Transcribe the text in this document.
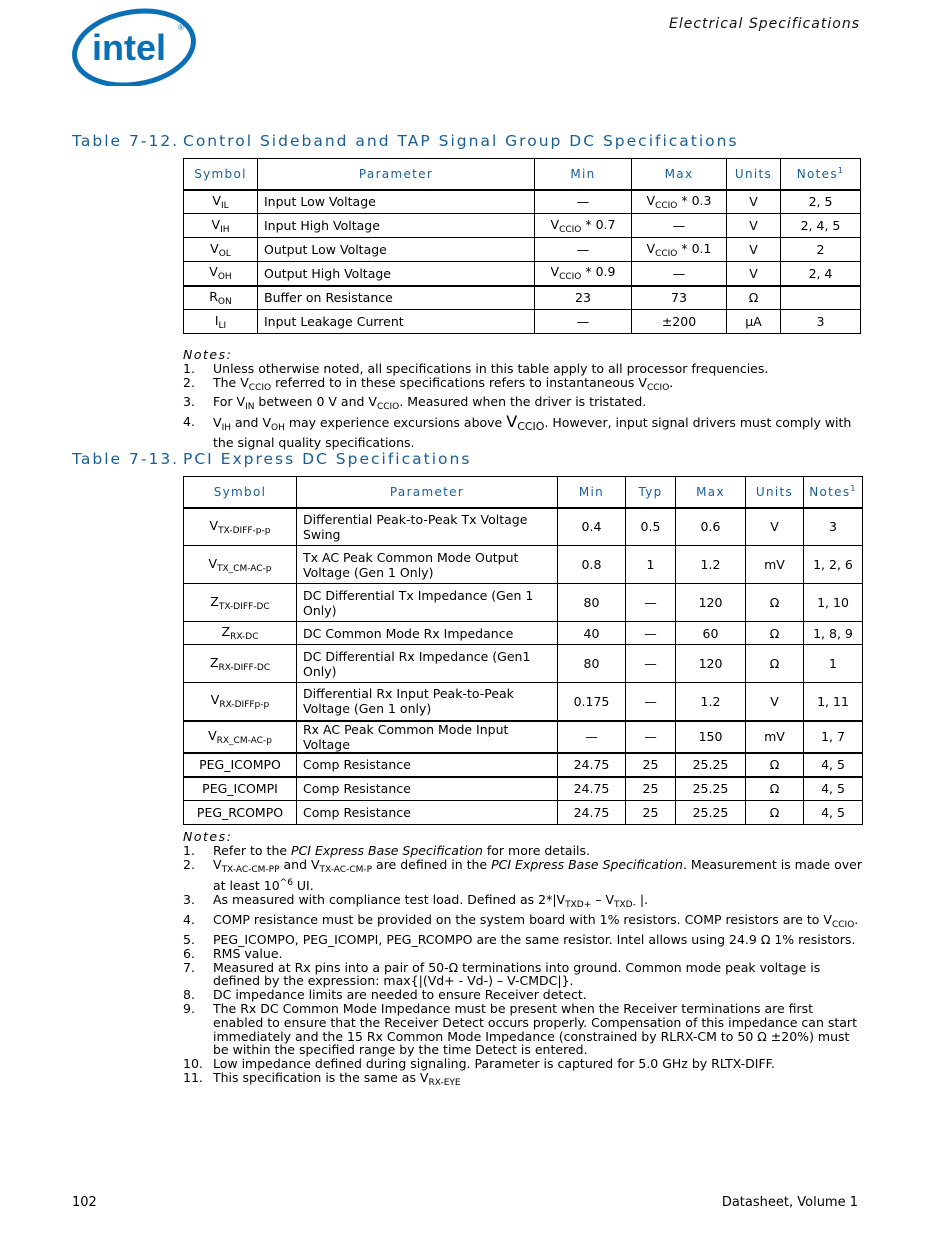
intel ®	Electrical Specifications
Table 7-12. Control Sideband and TAP Signal Group DC Specifications
Symbol	Parameter	Min	Max	Units	Notes$^1$
$V_{IL}$	Input Low Voltage	—	$V_{CCIO} * 0.3$	V	2, 5
$V_{IH}$	Input High Voltage	$V_{CCIO} * 0.7$	—	V	2, 4, 5
$V_{OL}$	Output Low Voltage	—	$V_{CCIO} * 0.1$	V	2
$V_{OH}$	Output High Voltage	$V_{CCIO} * 0.9$	—	V	2, 4
$R_{ON}$	Buffer on Resistance	23	73	Ω	
$I_{LI}$	Input Leakage Current	—	±200	µA	3
Notes:
1. Unless otherwise noted, all specifications in this table apply to all processor frequencies.
2. The $V_{CCIO}$ referred to in these specifications refers to instantaneous $V_{CCIO}$.
3. For $V_{IN}$ between 0 V and $V_{CCIO}$. Measured when the driver is tristated.
4. $V_{IH}$ and $V_{OH}$ may experience excursions above $V_{CCIO}$. However, input signal drivers must comply with the signal quality specifications.
Table 7-13. PCI Express DC Specifications
Symbol	Parameter	Min	Typ	Max	Units	Notes$^1$
$V_{TX-DIFF-p-p}$	Differential Peak-to-Peak Tx Voltage Swing	0.4	0.5	0.6	V	3
$V_{TX\_CM-AC-p}$	Tx AC Peak Common Mode Output Voltage (Gen 1 Only)	0.8	1	1.2	mV	1, 2, 6
$Z_{TX-DIFF-DC}$	DC Differential Tx Impedance (Gen 1 Only)	80	—	120	Ω	1, 10
$Z_{RX-DC}$	DC Common Mode Rx Impedance	40	—	60	Ω	1, 8, 9
$Z_{RX-DIFF-DC}$	DC Differential Rx Impedance (Gen1 Only)	80	—	120	Ω	1
$V_{RX-DIFFp-p}$	Differential Rx Input Peak-to-Peak Voltage (Gen 1 only)	0.175	—	1.2	V	1, 11
$V_{RX\_CM-AC-p}$	Rx AC Peak Common Mode Input Voltage	—	—	150	mV	1, 7
PEG_ICOMPO	Comp Resistance	24.75	25	25.25	Ω	4, 5
PEG_ICOMPI	Comp Resistance	24.75	25	25.25	Ω	4, 5
PEG_RCOMPO	Comp Resistance	24.75	25	25.25	Ω	4, 5
Notes:
1. Refer to the PCI Express Base Specification for more details.
2. $V_{TX-AC-CM-PP}$ and $V_{TX-AC-CM-P}$ are defined in the PCI Express Base Specification. Measurement is made over at least $10^{\^{}6}$ UI.
3. As measured with compliance test load. Defined as $2*|V_{TXD+} - V_{TXD-}$ |.
4. COMP resistance must be provided on the system board with 1% resistors. COMP resistors are to $V_{CCIO}$.
5. PEG_ICOMPO, PEG_ICOMPI, PEG_RCOMPO are the same resistor. Intel allows using 24.9 Ω 1% resistors.
6. RMS value.
7. Measured at Rx pins into a pair of 50-Ω terminations into ground. Common mode peak voltage is defined by the expression: max{|(Vd+ - Vd-) – V-CMDC|}.
8. DC impedance limits are needed to ensure Receiver detect.
9. The Rx DC Common Mode Impedance must be present when the Receiver terminations are first enabled to ensure that the Receiver Detect occurs properly. Compensation of this impedance can start immediately and the 15 Rx Common Mode Impedance (constrained by RLRX-CM to 50 Ω ±20%) must be within the specified range by the time Detect is entered.
10. Low impedance defined during signaling. Parameter is captured for 5.0 GHz by RLTX-DIFF.
11. This specification is the same as $V_{RX-EYE}$
102	Datasheet, Volume 1
